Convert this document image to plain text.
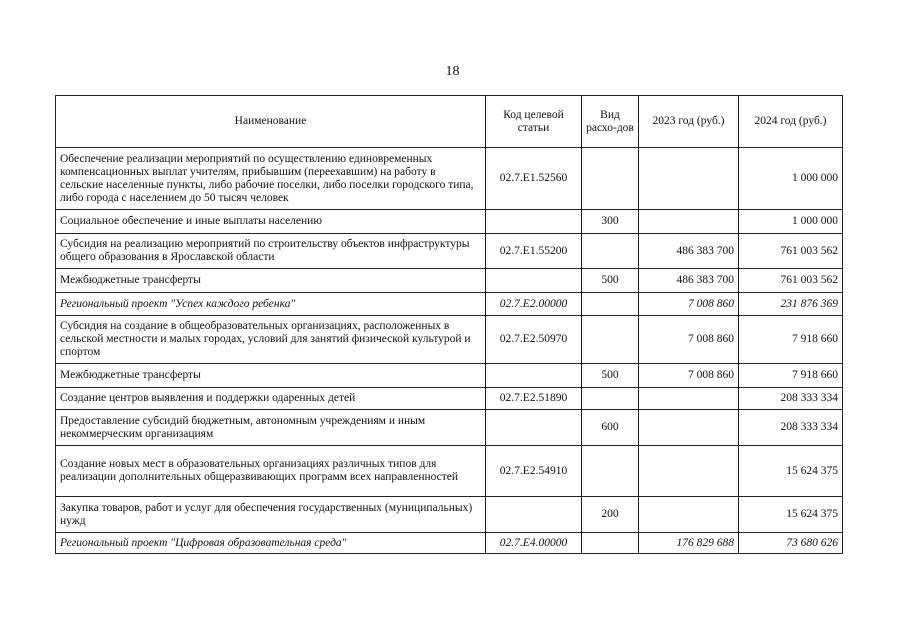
18
Наименование	Код целевой статьи	Вид расхо-дов	2023 год (руб.)	2024 год (руб.)
Обеспечение реализации мероприятий по осуществлению единовременных компенсационных выплат учителям, прибывшим (переехавшим) на работу в сельские населенные пункты, либо рабочие поселки, либо поселки городского типа, либо города с населением до 50 тысяч человек	02.7.E1.52560			1 000 000
Социальное обеспечение и иные выплаты населению		300		1 000 000
Субсидия на реализацию мероприятий по строительству объектов инфраструктуры общего образования в Ярославской области	02.7.E1.55200		486 383 700	761 003 562
Межбюджетные трансферты		500	486 383 700	761 003 562
Региональный проект "Успех каждого ребенка"	02.7.E2.00000		7 008 860	231 876 369
Субсидия на создание в общеобразовательных организациях, расположенных в сельской местности и малых городах, условий для занятий физической культурой и спортом	02.7.E2.50970		7 008 860	7 918 660
Межбюджетные трансферты		500	7 008 860	7 918 660
Создание центров выявления и поддержки одаренных детей	02.7.E2.51890			208 333 334
Предоставление субсидий бюджетным, автономным учреждениям и иным некоммерческим организациям		600		208 333 334
Создание новых мест в образовательных организациях различных типов для реализации дополнительных общеразвивающих программ всех направленностей	02.7.E2.54910			15 624 375
Закупка товаров, работ и услуг для обеспечения государственных (муниципальных) нужд		200		15 624 375
Региональный проект "Цифровая образовательная среда"	02.7.E4.00000		176 829 688	73 680 626
